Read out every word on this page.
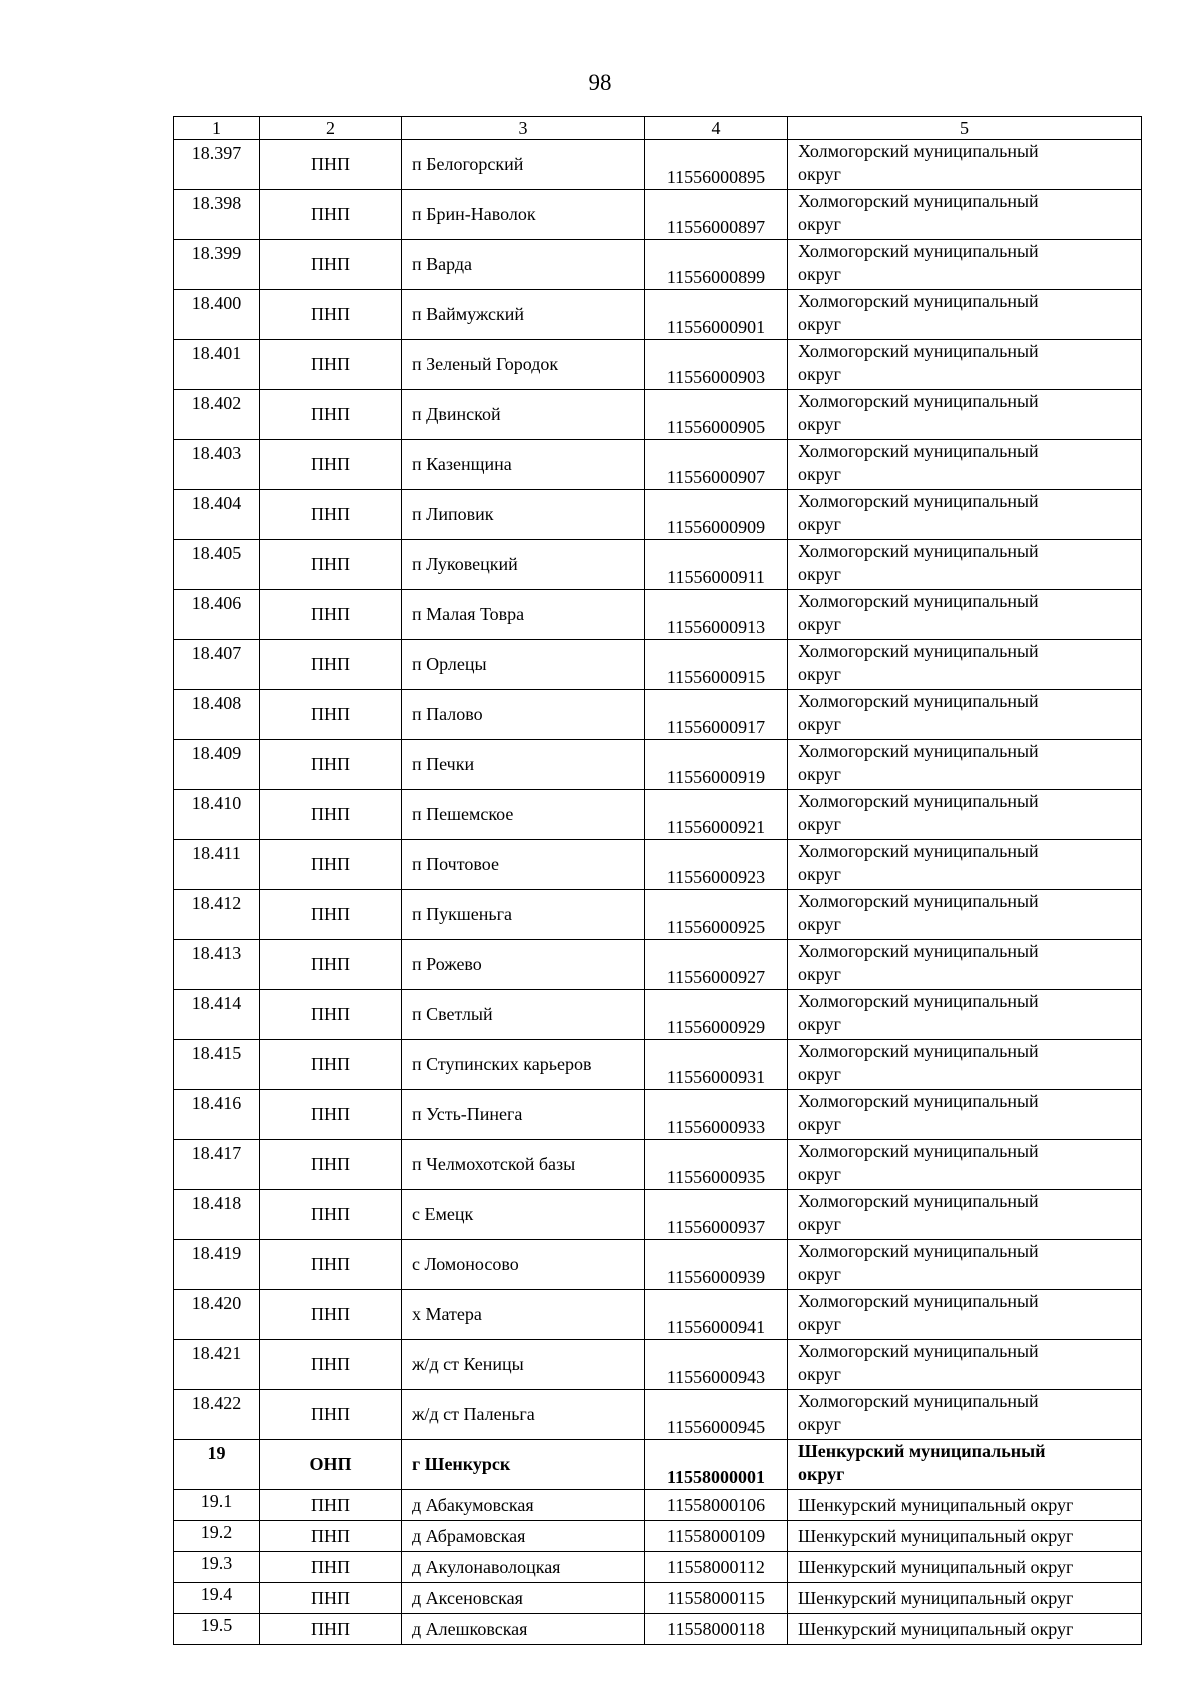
98
1	2	3	4	5
18.397	ПНП	п Белогорский	11556000895	Холмогорский муниципальный
округ

18.398	ПНП	п Брин-Наволок	11556000897	Холмогорский муниципальный
округ

18.399	ПНП	п Варда	11556000899	Холмогорский муниципальный
округ

18.400	ПНП	п Ваймужский	11556000901	Холмогорский муниципальный
округ

18.401	ПНП	п Зеленый Городок	11556000903	Холмогорский муниципальный
округ

18.402	ПНП	п Двинской	11556000905	Холмогорский муниципальный
округ

18.403	ПНП	п Казенщина	11556000907	Холмогорский муниципальный
округ

18.404	ПНП	п Липовик	11556000909	Холмогорский муниципальный
округ

18.405	ПНП	п Луковецкий	11556000911	Холмогорский муниципальный
округ

18.406	ПНП	п Малая Товра	11556000913	Холмогорский муниципальный
округ

18.407	ПНП	п Орлецы	11556000915	Холмогорский муниципальный
округ

18.408	ПНП	п Палово	11556000917	Холмогорский муниципальный
округ

18.409	ПНП	п Печки	11556000919	Холмогорский муниципальный
округ

18.410	ПНП	п Пешемское	11556000921	Холмогорский муниципальный
округ

18.411	ПНП	п Почтовое	11556000923	Холмогорский муниципальный
округ

18.412	ПНП	п Пукшеньга	11556000925	Холмогорский муниципальный
округ

18.413	ПНП	п Рожево	11556000927	Холмогорский муниципальный
округ

18.414	ПНП	п Светлый	11556000929	Холмогорский муниципальный
округ

18.415	ПНП	п Ступинских карьеров	11556000931	Холмогорский муниципальный
округ

18.416	ПНП	п Усть-Пинега	11556000933	Холмогорский муниципальный
округ

18.417	ПНП	п Челмохотской базы	11556000935	Холмогорский муниципальный
округ

18.418	ПНП	с Емецк	11556000937	Холмогорский муниципальный
округ

18.419	ПНП	с Ломоносово	11556000939	Холмогорский муниципальный
округ

18.420	ПНП	х Матера	11556000941	Холмогорский муниципальный
округ

18.421	ПНП	ж/д ст Кеницы	11556000943	Холмогорский муниципальный
округ

18.422	ПНП	ж/д ст Паленьга	11556000945	Холмогорский муниципальный
округ

19	ОНП	г Шенкурск	11558000001	Шенкурский муниципальный
округ

19.1	ПНП	д Абакумовская	11558000106	Шенкурский муниципальный округ

19.2	ПНП	д Абрамовская	11558000109	Шенкурский муниципальный округ

19.3	ПНП	д Акулонаволоцкая	11558000112	Шенкурский муниципальный округ

19.4	ПНП	д Аксеновская	11558000115	Шенкурский муниципальный округ

19.5	ПНП	д Алешковская	11558000118	Шенкурский муниципальный округ
